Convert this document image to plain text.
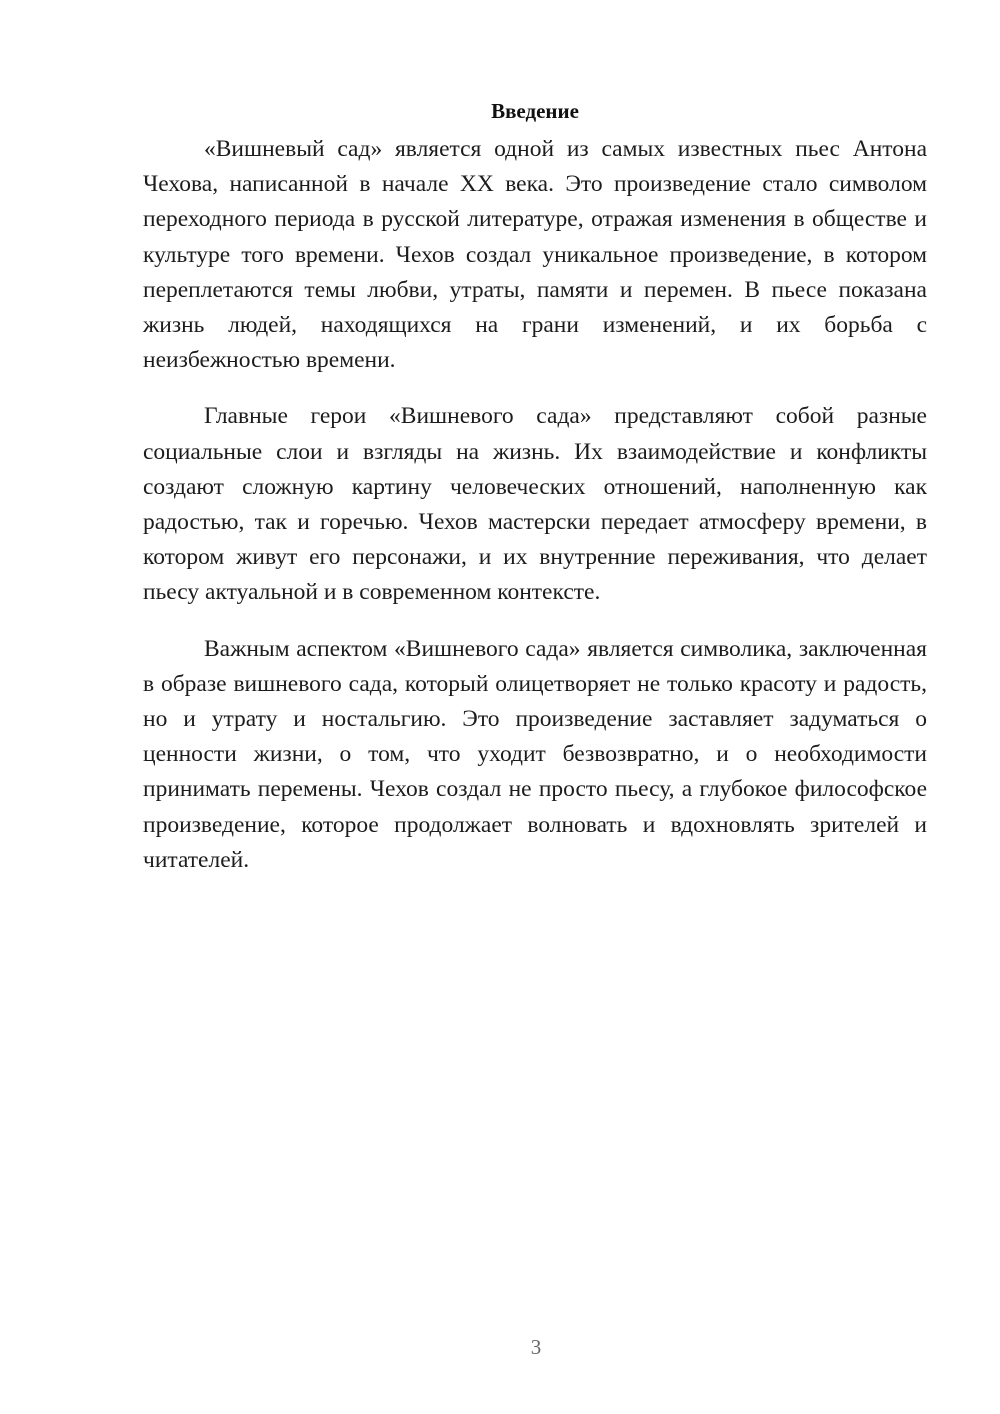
Введение

«Вишневый сад» является одной из самых известных пьес Антона Чехова, написанной в начале XX века. Это произведение стало символом переходного периода в русской литературе, отражая изменения в обществе и культуре того времени. Чехов создал уникальное произведение, в котором переплетаются темы любви, утраты, памяти и перемен. В пьесе показана жизнь людей, находящихся на грани изменений, и их борьба с неизбежностью времени.

Главные герои «Вишневого сада» представляют собой разные социальные слои и взгляды на жизнь. Их взаимодействие и конфликты создают сложную картину человеческих отношений, наполненную как радостью, так и горечью. Чехов мастерски передает атмосферу времени, в котором живут его персонажи, и их внутренние переживания, что делает пьесу актуальной и в современном контексте.

Важным аспектом «Вишневого сада» является символика, заключенная в образе вишневого сада, который олицетворяет не только красоту и радость, но и утрату и ностальгию. Это произведение заставляет задуматься о ценности жизни, о том, что уходит безвозвратно, и о необходимости принимать перемены. Чехов создал не просто пьесу, а глубокое философское произведение, которое продолжает волновать и вдохновлять зрителей и читателей.

3
